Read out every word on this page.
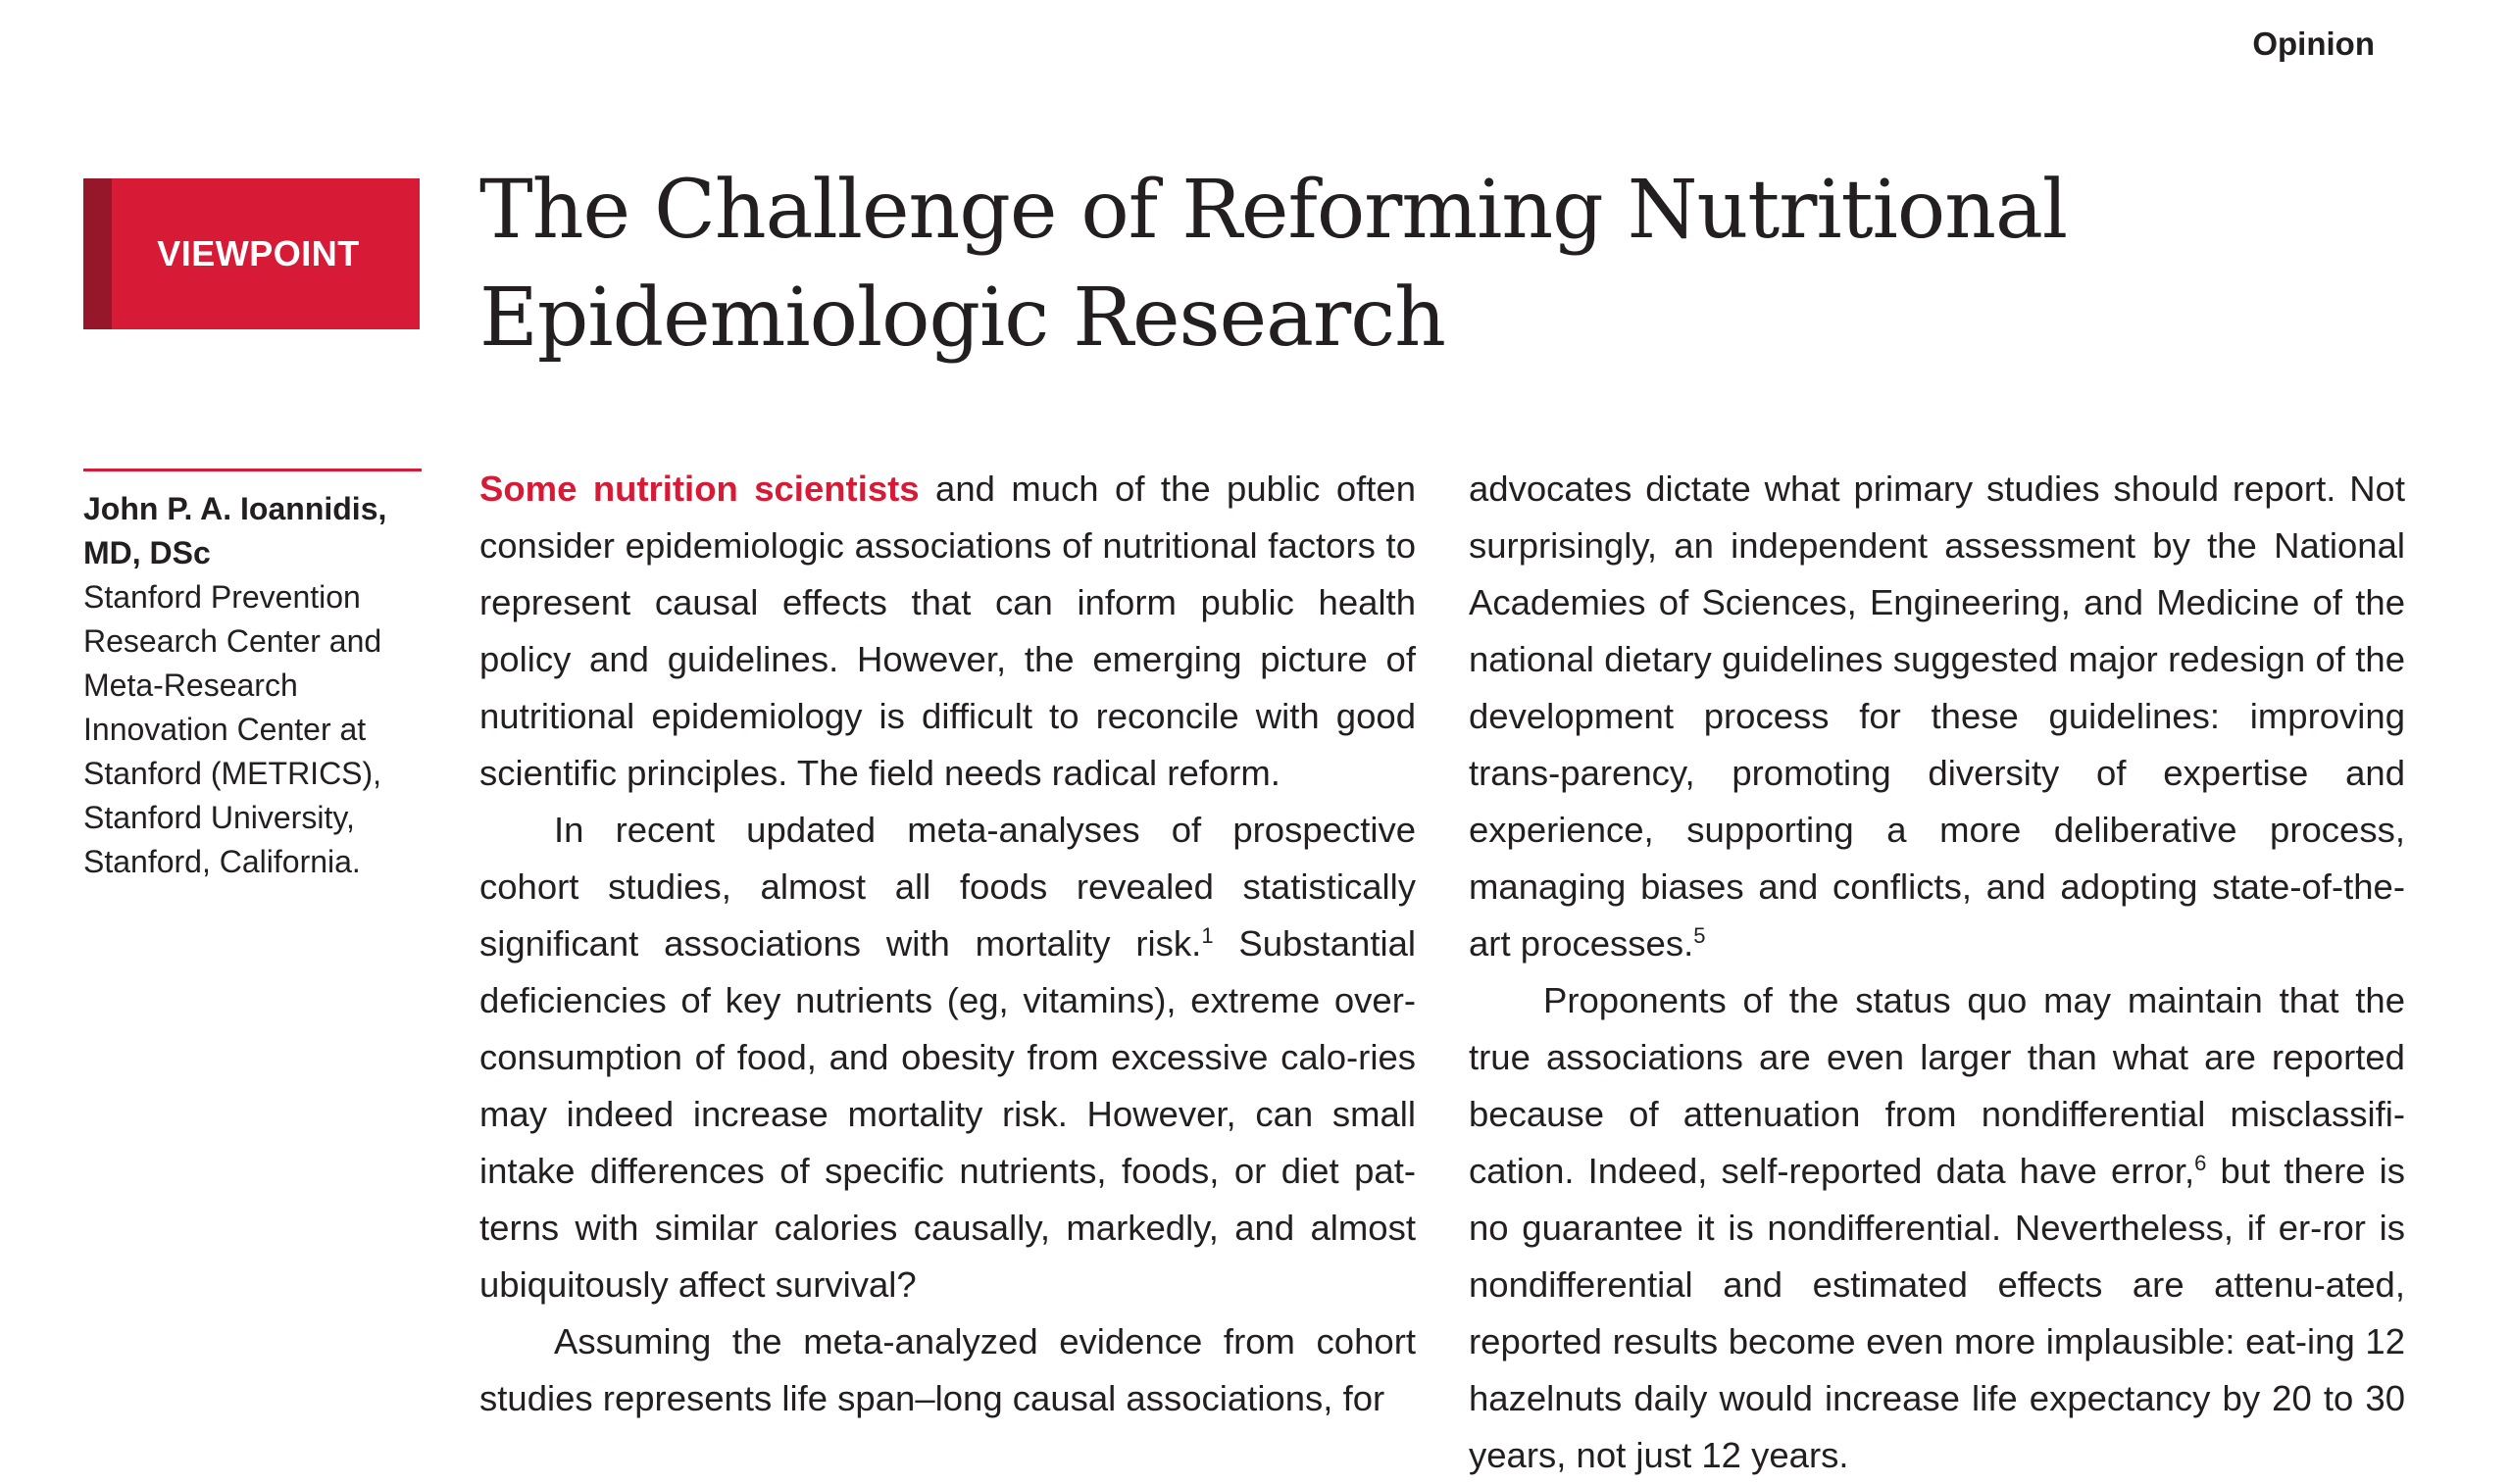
Opinion
VIEWPOINT	The Challenge of Reforming Nutritional
Epidemiologic Research
John P. A. Ioannidis, MD, DSc
Stanford Prevention Research Center and Meta-Research Innovation Center at Stanford (METRICS), Stanford University, Stanford, California.

Some nutrition scientists and much of the public often consider epidemiologic associations of nutritional factors to represent causal effects that can inform public health policy and guidelines. However, the emerging picture of nutritional epidemiology is difficult to reconcile with good scientific principles. The field needs radical reform.

In recent updated meta-analyses of prospective cohort studies, almost all foods revealed statistically significant associations with mortality risk.$^1$ Substantial deficiencies of key nutrients (eg, vitamins), extreme over-consumption of food, and obesity from excessive calo-ries may indeed increase mortality risk. However, can small intake differences of specific nutrients, foods, or diet pat-terns with similar calories causally, markedly, and almost ubiquitously affect survival?

Assuming the meta-analyzed evidence from cohort studies represents life span–long causal associations, for

advocates dictate what primary studies should report. Not surprisingly, an independent assessment by the National Academies of Sciences, Engineering, and Medicine of the national dietary guidelines suggested major redesign of the development process for these guidelines: improving trans-parency, promoting diversity of expertise and experience, supporting a more deliberative process, managing biases and conflicts, and adopting state-of-the-art processes.$^5$

Proponents of the status quo may maintain that the true associations are even larger than what are reported because of attenuation from nondifferential misclassifi-cation. Indeed, self-reported data have error,$^6$ but there is no guarantee it is nondifferential. Nevertheless, if er-ror is nondifferential and estimated effects are attenu-ated, reported results become even more implausible: eat-ing 12 hazelnuts daily would increase life expectancy by 20 to 30 years, not just 12 years.
